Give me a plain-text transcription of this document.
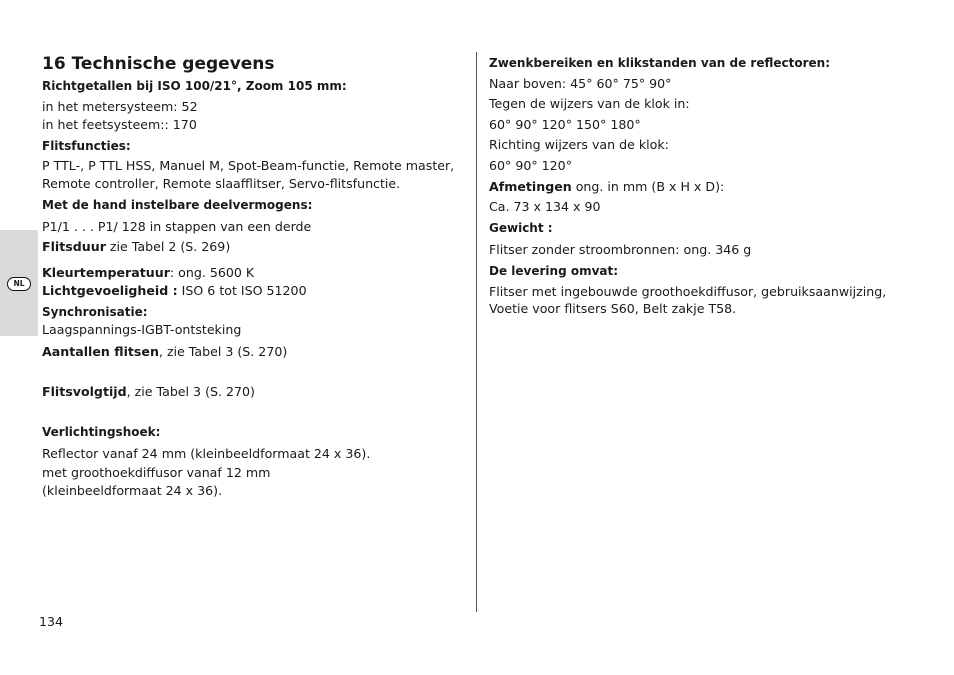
NL
16 Technische gegevens
Richtgetallen bij ISO 100/21°, Zoom 105 mm:
in het metersysteem: 52
in het feetsysteem:: 170
Flitsfuncties:
P TTL-, P TTL HSS, Manuel M, Spot-Beam-functie, Remote master,
Remote controller, Remote slaafflitser, Servo-flitsfunctie.
Met de hand instelbare deelvermogens:
P1/1 . . . P1/ 128 in stappen van een derde
Flitsduur zie Tabel 2 (S. 269)
Kleurtemperatuur: ong. 5600 K
Lichtgevoeligheid : ISO 6 tot ISO 51200
Synchronisatie:
Laagspannings-IGBT-ontsteking
Aantallen flitsen, zie Tabel 3 (S. 270)
Flitsvolgtijd, zie Tabel 3 (S. 270)
Verlichtingshoek:
Reflector vanaf 24 mm (kleinbeeldformaat 24 x 36).
met groothoekdiffusor vanaf 12 mm
(kleinbeeldformaat 24 x 36).
Zwenkbereiken en klikstanden van de reflectoren:
Naar boven: 45° 60° 75° 90°
Tegen de wijzers van de klok in:
60° 90° 120° 150° 180°
Richting wijzers van de klok:
60° 90° 120°
Afmetingen ong. in mm (B x H x D):
Ca. 73 x 134 x 90
Gewicht :
Flitser zonder stroombronnen: ong. 346 g
De levering omvat:
Flitser met ingebouwde groothoekdiffusor, gebruiksaanwijzing,
Voetie voor flitsers S60, Belt zakje T58.
134
